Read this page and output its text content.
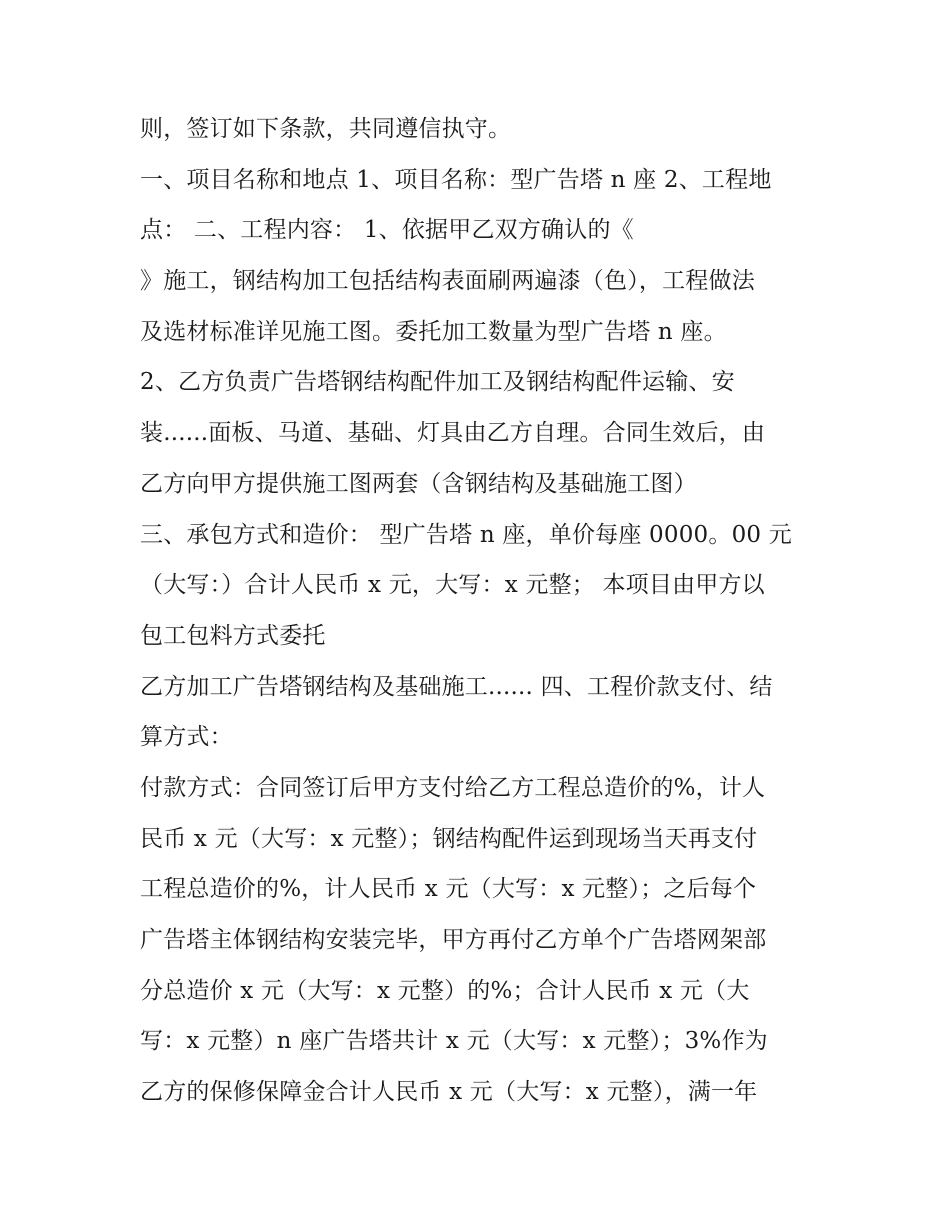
则，签订如下条款，共同遵信执守。

一、项目名称和地点 1、项目名称：型广告塔 n 座 2、工程地

点： 二、工程内容： 1、依据甲乙双方确认的《

》施工，钢结构加工包括结构表面刷两遍漆（色），工程做法

及选材标准详见施工图。委托加工数量为型广告塔 n 座。

2、乙方负责广告塔钢结构配件加工及钢结构配件运输、安

装......面板、马道、基础、灯具由乙方自理。合同生效后，由

乙方向甲方提供施工图两套（含钢结构及基础施工图）

三、承包方式和造价： 型广告塔 n 座，单价每座 0000。00 元

（大写：）合计人民币 x 元，大写：x 元整； 本项目由甲方以

包工包料方式委托

乙方加工广告塔钢结构及基础施工...... 四、工程价款支付、结

算方式：

付款方式：合同签订后甲方支付给乙方工程总造价的%，计人

民币 x 元（大写：x 元整）；钢结构配件运到现场当天再支付

工程总造价的%，计人民币 x 元（大写：x 元整）；之后每个

广告塔主体钢结构安装完毕，甲方再付乙方单个广告塔网架部

分总造价 x 元（大写：x 元整）的%；合计人民币 x 元（大

写：x 元整）n 座广告塔共计 x 元（大写：x 元整）；3%作为

乙方的保修保障金合计人民币 x 元（大写：x 元整），满一年
